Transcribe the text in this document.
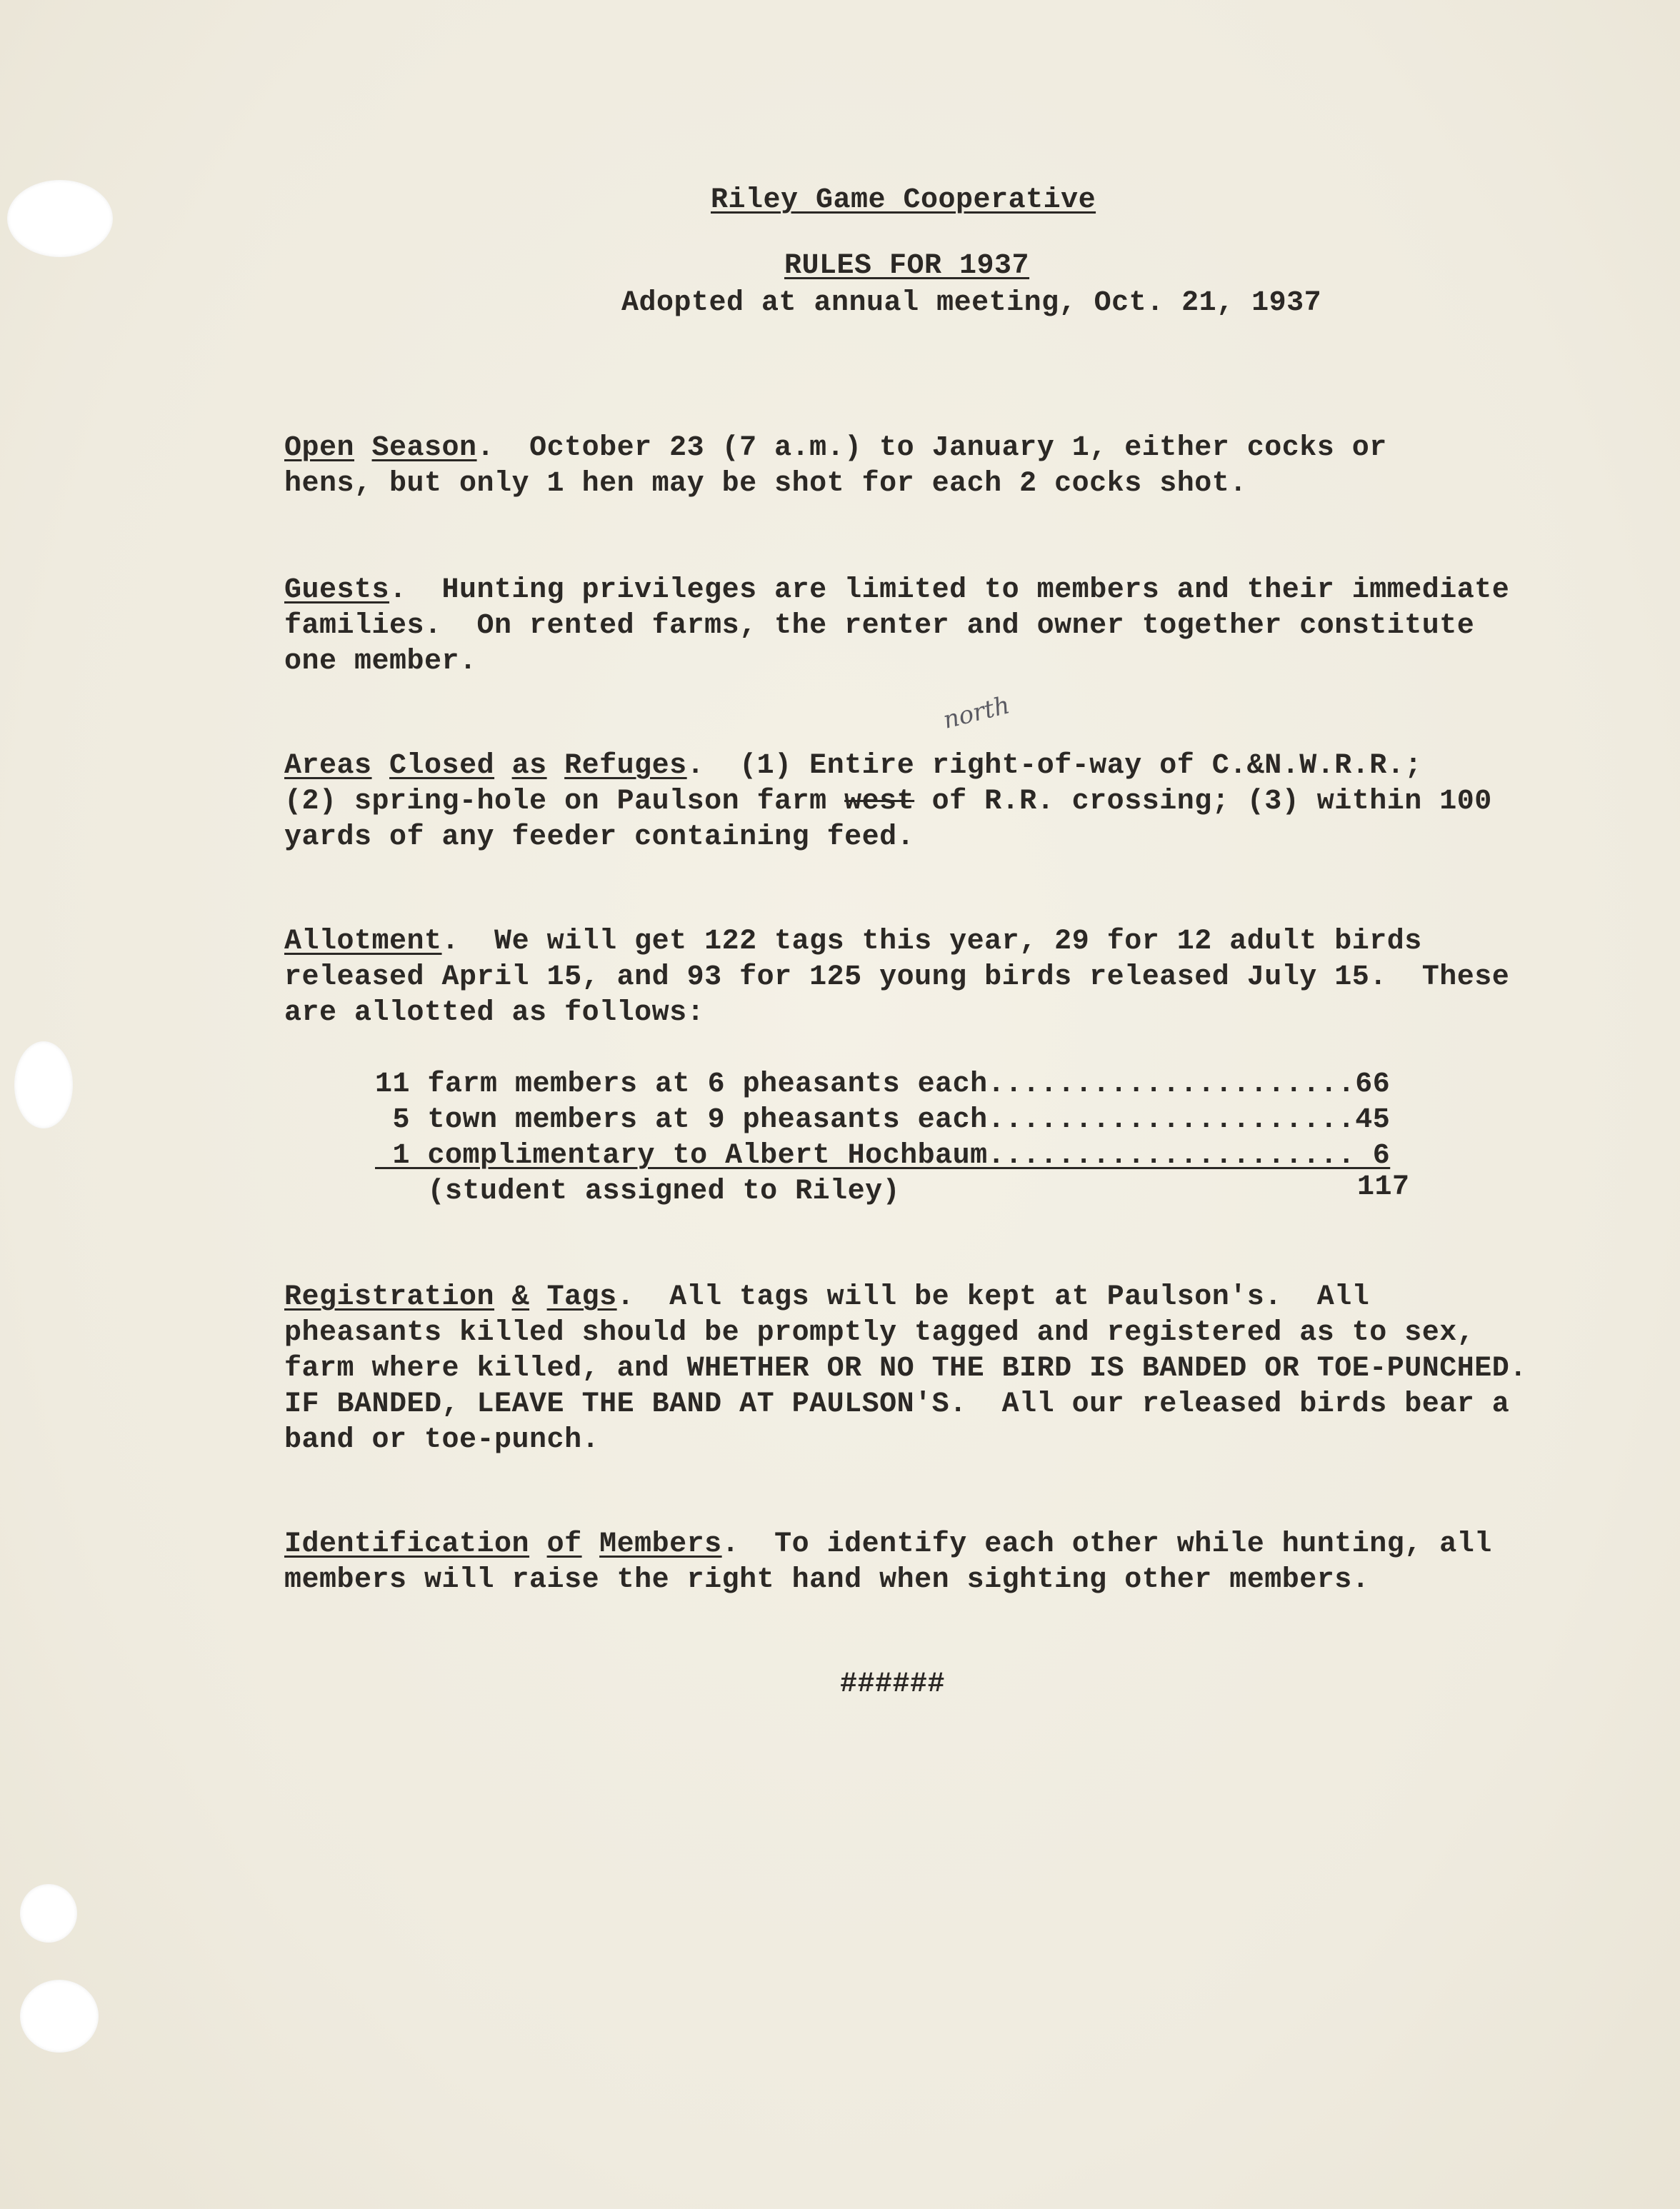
Riley Game Cooperative
RULES FOR 1937
Adopted at annual meeting, Oct. 21, 1937
Open Season.  October 23 (7 a.m.) to January 1, either cocks or
hens, but only 1 hen may be shot for each 2 cocks shot.
Guests.  Hunting privileges are limited to members and their immediate
families.  On rented farms, the renter and owner together constitute
one member.
north
Areas Closed as Refuges.  (1) Entire right-of-way of C.&N.W.R.R.;
(2) spring-hole on Paulson farm west of R.R. crossing; (3) within 100
yards of any feeder containing feed.
Allotment.  We will get 122 tags this year, 29 for 12 adult birds
released April 15, and 93 for 125 young birds released July 15.  These
are allotted as follows:
11 farm members at 6 pheasants each.....................66
5 town members at 9 pheasants each.....................45
1 complimentary to Albert Hochbaum..................... 6
(student assigned to Riley)	117
Registration & Tags.  All tags will be kept at Paulson's.  All
pheasants killed should be promptly tagged and registered as to sex,
farm where killed, and WHETHER OR NO THE BIRD IS BANDED OR TOE-PUNCHED.
IF BANDED, LEAVE THE BAND AT PAULSON'S.  All our released birds bear a
band or toe-punch.
Identification of Members.  To identify each other while hunting, all
members will raise the right hand when sighting other members.
######
